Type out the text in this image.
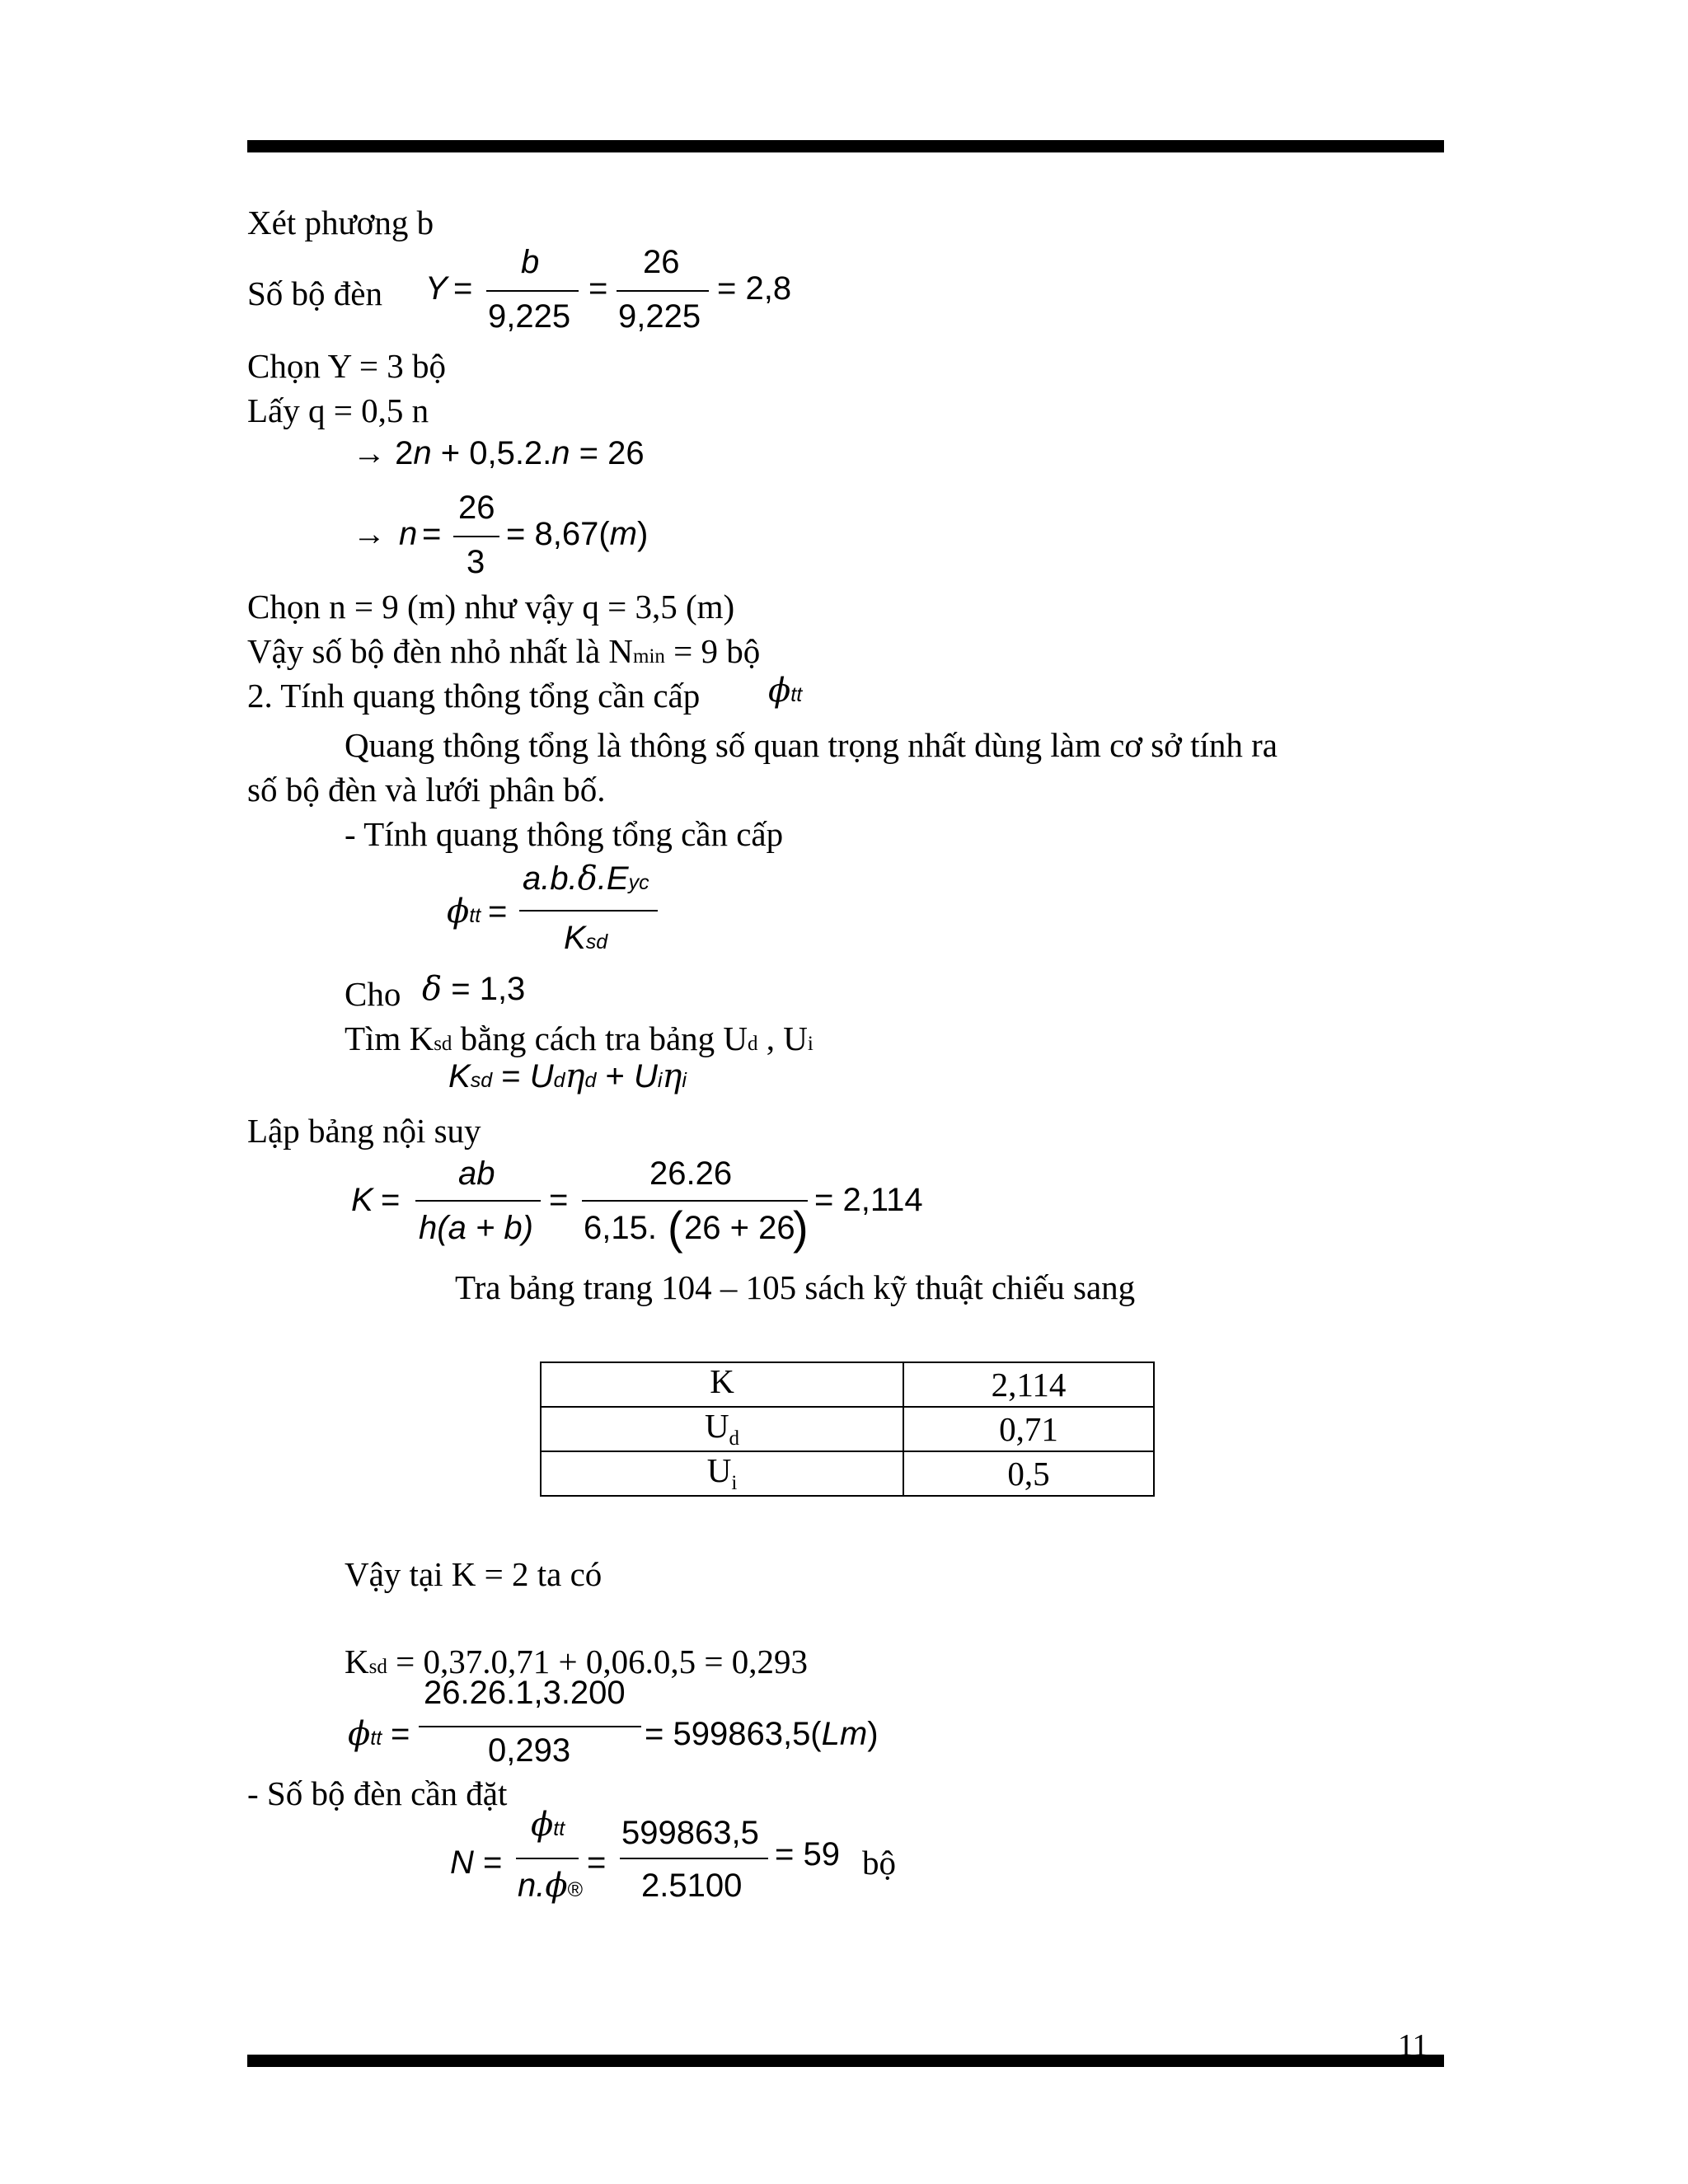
11
Xét phương b
Số bộ đèn Y =
b
9,225
=
26
9,225
= 2,8
Chọn Y = 3 bộ
Lấy q = 0,5 n
→ 2n + 0,5.2.n = 26
→ n =
26
3
= 8,67(m)
Chọn n = 9 (m) như vậy q = 3,5 (m)
Vậy số bộ đèn nhỏ nhất là Nmin = 9 bộ
2. Tính quang thông tổng cần cấp ϕtt
Quang thông tổng là thông số quan trọng nhất dùng làm cơ sở tính ra
số bộ đèn và lưới phân bố.
- Tính quang thông tổng cần cấp
ϕtt =
a.b.δ.Eyc
Ksd
Cho δ = 1,3
Tìm Ksd bằng cách tra bảng Ud , Ui
Ksd = Udηd + Uiηi
Lập bảng nội suy
K =
ab
h(a + b)
=
26.26
6,15. ( 26 + 26
)
= 2,114
Tra bảng trang 104 – 105 sách kỹ thuật chiếu sang
K	2,114
$U_d$	0,71
$U_i$	0,5
Vậy tại K = 2 ta có
Ksd = 0,37.0,71 + 0,06.0,5 = 0,293
ϕtt =
26.26.1,3.200
0,293 = 599863,5(Lm)
- Số bộ đèn cần đặt
N =
ϕtt
n.ϕ®
=
599863,5
2.5100
= 59 bộ
